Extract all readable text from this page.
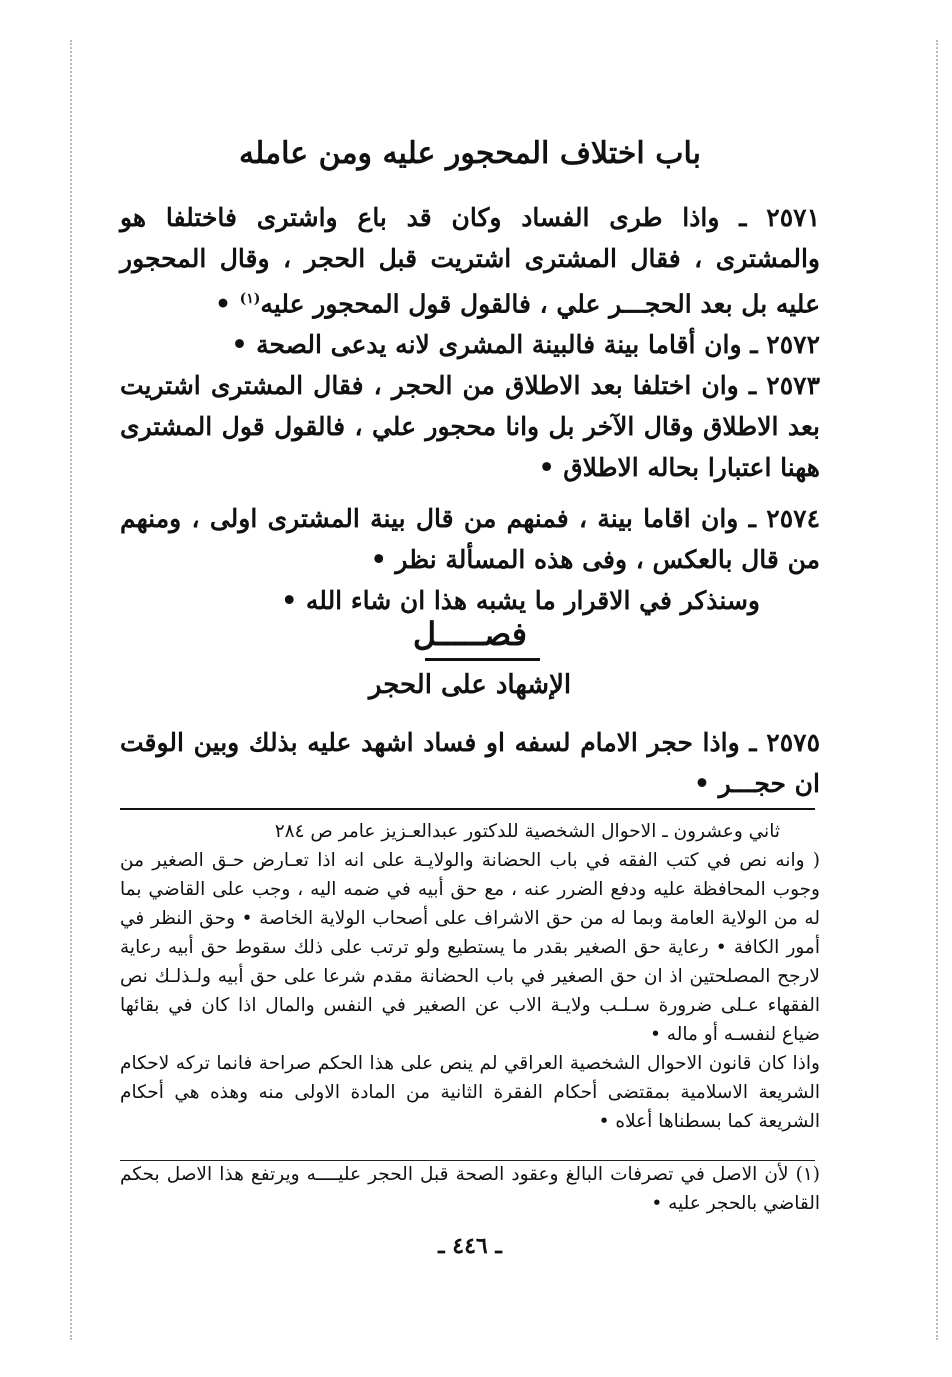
باب اختلاف المحجور عليه ومن عامله

٢٥٧١ ـ واذا طرى الفساد وكان قد باع واشترى فاختلفا هو والمشترى ، فقال المشترى اشتريت قبل الحجر ، وقال المحجور عليه بل بعد الحجـــر علي ، فالقول قول المحجور عليه$^{(١)}$ •

٢٥٧٢ ـ وان أقاما بينة فالبينة المشرى لانه يدعى الصحة •

٢٥٧٣ ـ وان اختلفا بعد الاطلاق من الحجر ، فقال المشترى اشتريت بعد الاطلاق وقال الآخر بل وانا محجور علي ، فالقول قول المشترى ههنا اعتبارا بحاله الاطلاق •

٢٥٧٤ ـ وان اقاما بينة ، فمنهم من قال بينة المشترى اولى ، ومنهم من قال بالعكس ، وفى هذه المسألة نظر •

وسنذكر في الاقرار ما يشبه هذا ان شاء الله •

فصـــــل
الإشهاد على الحجر

٢٥٧٥ ـ واذا حجر الامام لسفه او فساد اشهد عليه بذلك وبين الوقت ان حجـــر •

ثاني وعشرون ـ الاحوال الشخصية للدكتور عبدالعـزيز عامر ص ٢٨٤

( وانه نص في كتب الفقه في باب الحضانة والولايـة على انه اذا تعـارض حـق الصغير من وجوب المحافظة عليه ودفع الضرر عنه ، مع حق أبيه في ضمه اليه ، وجب على القاضي بما له من الولاية العامة وبما له من حق الاشراف على أصحاب الولاية الخاصة • وحق النظر في أمور الكافة • رعاية حق الصغير بقدر ما يستطيع ولو ترتب على ذلك سقوط حق أبيه رعاية لارجح المصلحتين اذ ان حق الصغير في باب الحضانة مقدم شرعا على حق أبيه ولـذلـك نص الفقهاء عـلى ضرورة سـلـب ولايـة الاب عن الصغير في النفس والمال اذا كان في بقائها ضياع لنفسـه أو ماله •

واذا كان قانون الاحوال الشخصية العراقي لم ينص على هذا الحكم صراحة فانما تركه لاحكام الشريعة الاسلامية بمقتضى أحكام الفقرة الثانية من المادة الاولى منه وهذه هي أحكام الشريعة كما بسطناها أعلاه •

(١) لأن الاصل في تصرفات البالغ وعقود الصحة قبل الحجر عليــــه ويرتفع هذا الاصل بحكم القاضي بالحجر عليه •

ـ ٤٤٦ ـ
